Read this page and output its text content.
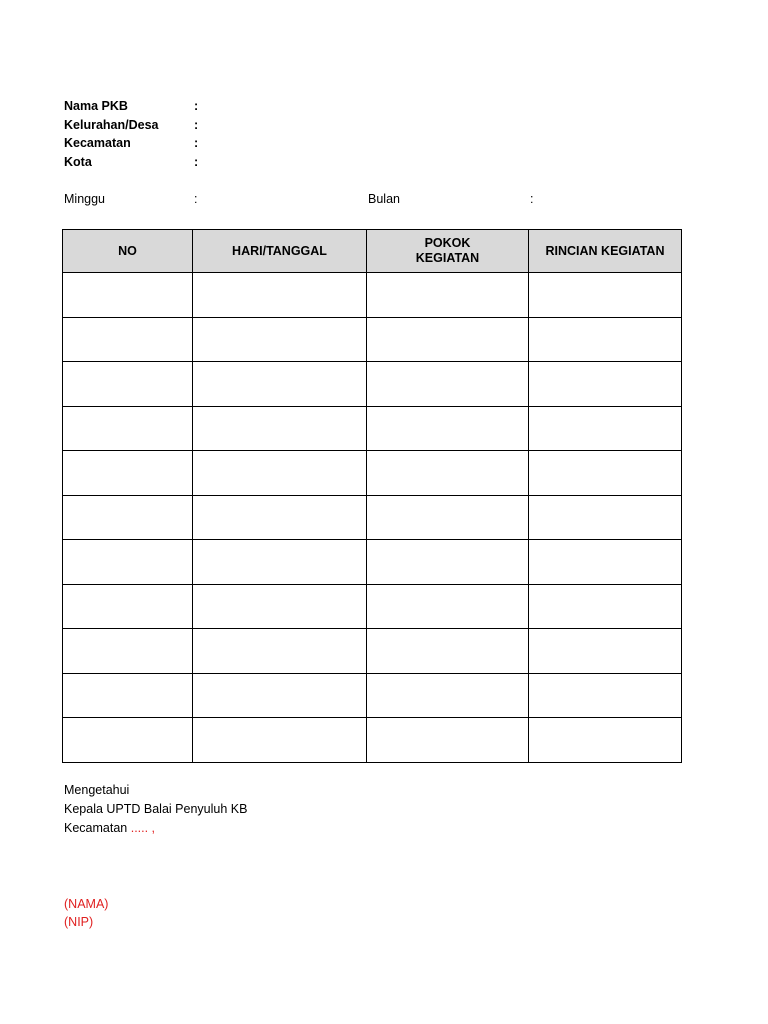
Nama PKB	:
Kelurahan/Desa	:
Kecamatan	:
Kota	:
Minggu	:	Bulan	:
NO	HARI/TANGGAL	POKOK KEGIATAN	RINCIAN KEGIATAN

Mengetahui
Kepala UPTD Balai Penyuluh KB
Kecamatan ..... ,
(NAMA)
(NIP)
